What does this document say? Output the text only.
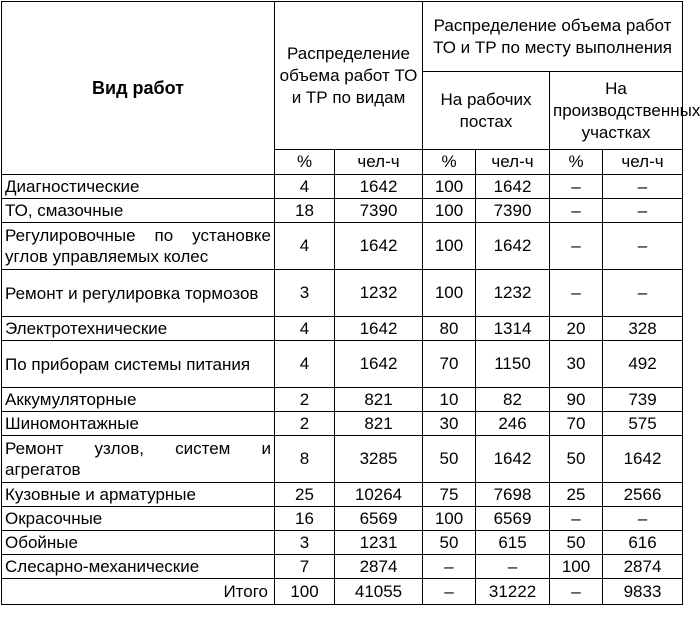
Вид работ	Распределение объема работ ТО и ТР по видам		Распределение объема работ ТО и ТР по месту выполнения			
			На рабочих постах		На производственных участках	
	%	чел-ч	%	чел-ч	%	чел-ч
Диагностические	4	1642	100	1642	–	–
ТО, смазочные	18	7390	100	7390	–	–
Регулировочные по установке углов управляемых колес	4	1642	100	1642	–	–
Ремонт и регулировка тормозов	3	1232	100	1232	–	–
Электротехнические	4	1642	80	1314	20	328
По приборам системы питания	4	1642	70	1150	30	492
Аккумуляторные	2	821	10	82	90	739
Шиномонтажные	2	821	30	246	70	575
Ремонт узлов, систем и агрегатов	8	3285	50	1642	50	1642
Кузовные и арматурные	25	10264	75	7698	25	2566
Окрасочные	16	6569	100	6569	–	–
Обойные	3	1231	50	615	50	616
Слесарно-механические	7	2874	–	–	100	2874
Итого	100	41055	–	31222	–	9833
